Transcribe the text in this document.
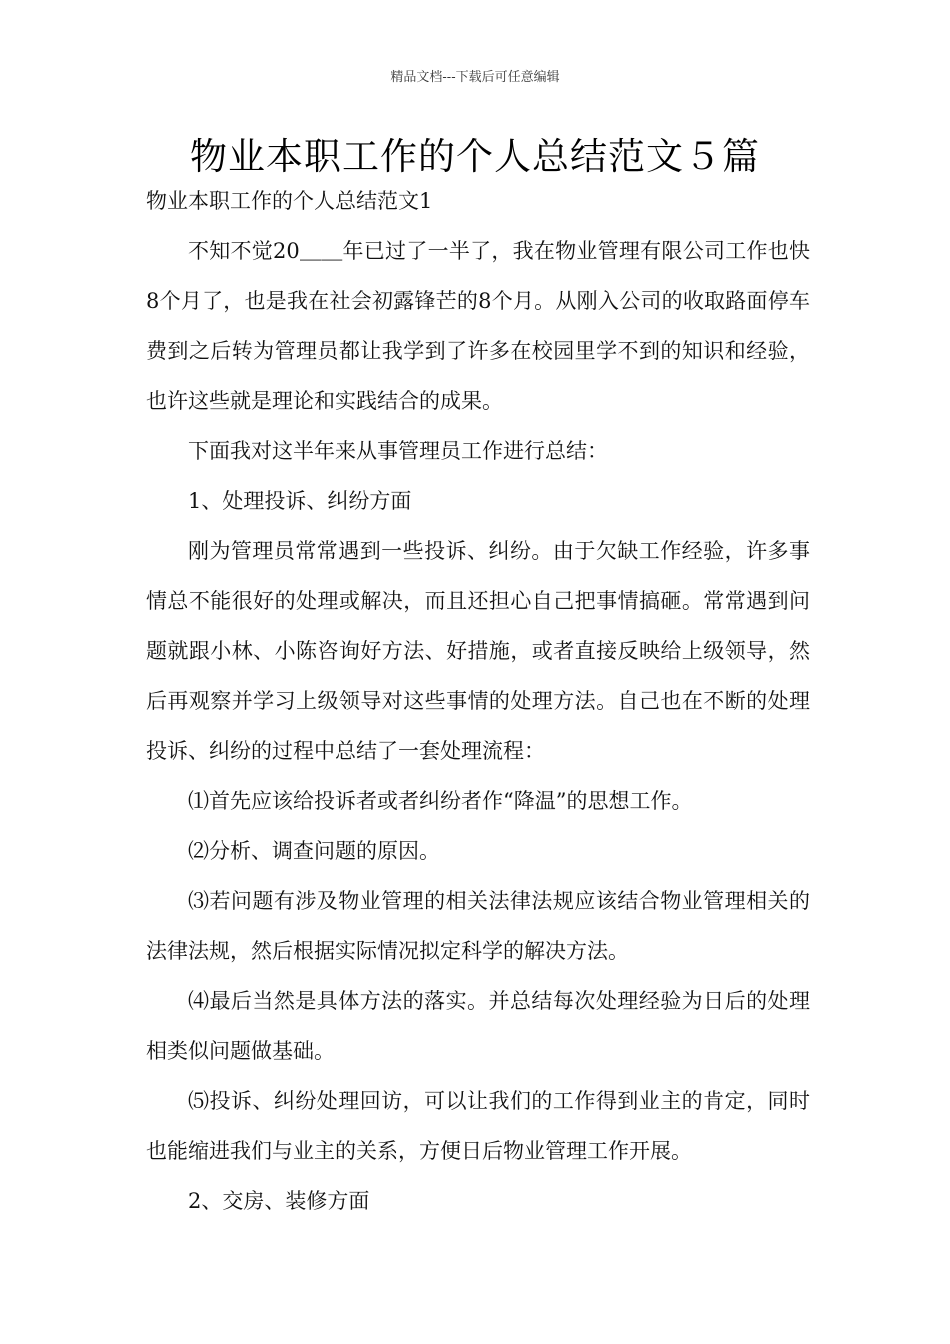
精品文档---下载后可任意编辑
物业本职工作的个人总结范文５篇

物业本职工作的个人总结范文1

不知不觉20＿＿年已过了一半了，我在物业管理有限公司工作也快8个月了，也是我在社会初露锋芒的8个月。从刚入公司的收取路面停车费到之后转为管理员都让我学到了许多在校园里学不到的知识和经验，也许这些就是理论和实践结合的成果。

下面我对这半年来从事管理员工作进行总结：

1、处理投诉、纠纷方面

刚为管理员常常遇到一些投诉、纠纷。由于欠缺工作经验，许多事情总不能很好的处理或解决，而且还担心自己把事情搞砸。常常遇到问题就跟小林、小陈咨询好方法、好措施，或者直接反映给上级领导，然后再观察并学习上级领导对这些事情的处理方法。自己也在不断的处理投诉、纠纷的过程中总结了一套处理流程：

⑴首先应该给投诉者或者纠纷者作“降温”的思想工作。

⑵分析、调查问题的原因。

⑶若问题有涉及物业管理的相关法律法规应该结合物业管理相关的法律法规，然后根据实际情况拟定科学的解决方法。

⑷最后当然是具体方法的落实。并总结每次处理经验为日后的处理相类似问题做基础。

⑸投诉、纠纷处理回访，可以让我们的工作得到业主的肯定，同时也能缩进我们与业主的关系，方便日后物业管理工作开展。

2、交房、装修方面
